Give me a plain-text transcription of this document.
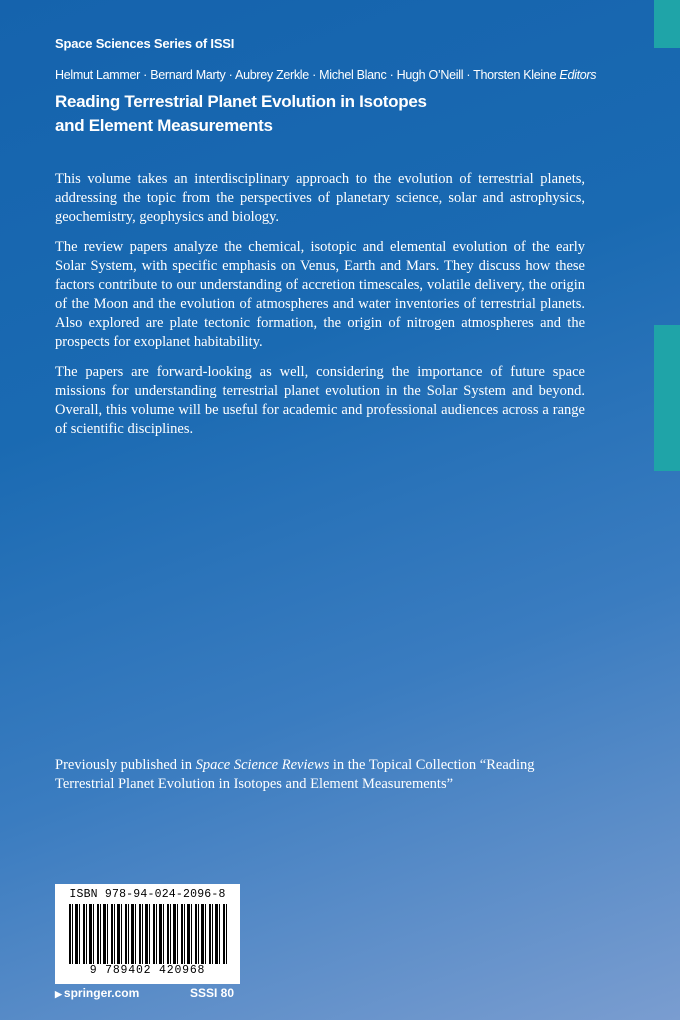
Space Sciences Series of ISSI
Helmut Lammer · Bernard Marty · Aubrey Zerkle · Michel Blanc · Hugh O’Neill · Thorsten Kleine Editors
Reading Terrestrial Planet Evolution in Isotopes
and Element Measurements

This volume takes an interdisciplinary approach to the evolution of terrestrial planets, addressing the topic from the perspectives of planetary science, solar and astrophysics, geochemistry, geophysics and biology.

The review papers analyze the chemical, isotopic and elemental evolution of the early Solar System, with specific emphasis on Venus, Earth and Mars. They discuss how these factors contribute to our understanding of accretion timescales, volatile delivery, the origin of the Moon and the evolution of atmospheres and water inventories of terrestrial planets. Also explored are plate tectonic formation, the origin of nitrogen atmospheres and the prospects for exoplanet habitability.

The papers are forward-looking as well, considering the importance of future space missions for understanding terrestrial planet evolution in the Solar System and beyond. Overall, this volume will be useful for academic and professional audiences across a range of scientific disciplines.

Previously published in Space Science Reviews in the Topical Collection “Reading Terrestrial Planet Evolution in Isotopes and Element Measurements”
ISBN 978-94-024-2096-8
9 789402 420968
▶ springer.com	SSSI 80
